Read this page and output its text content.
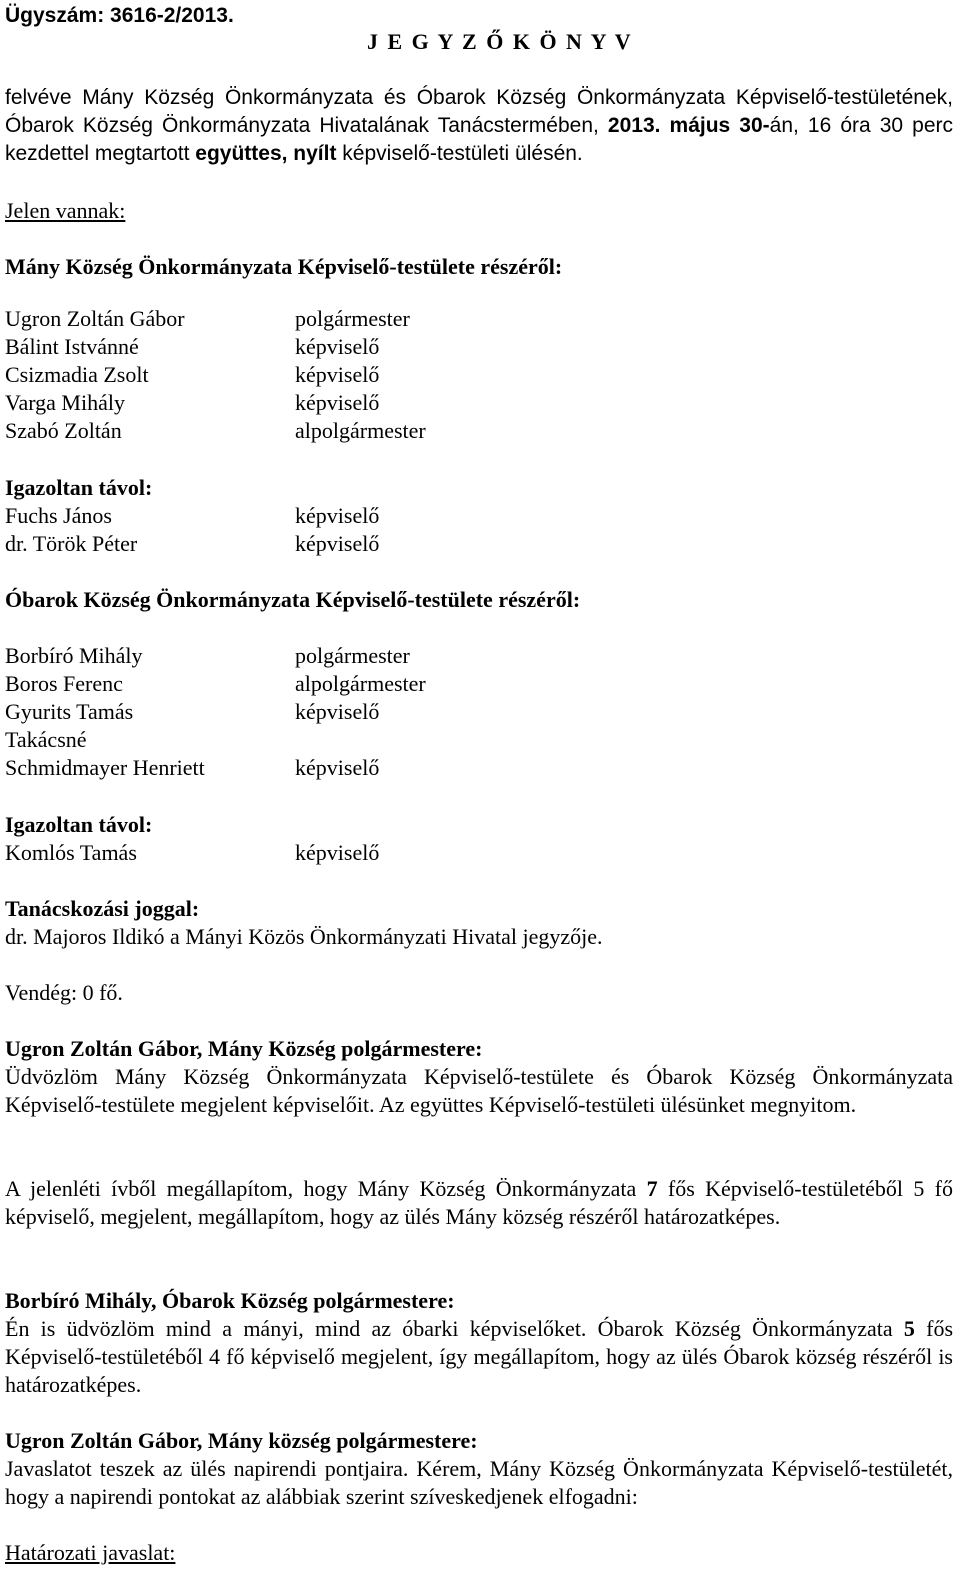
Ügyszám: 3616-2/2013.
J E G Y Z Ő K Ö N Y V
felvéve Mány Község Önkormányzata és Óbarok Község Önkormányzata Képviselő-testületének, Óbarok Község Önkormányzata Hivatalának Tanácstermében, 2013. május 30-án, 16 óra 30 perc kezdettel megtartott együttes, nyílt képviselő-testületi ülésén.
Jelen vannak:
Mány Község Önkormányzata Képviselő-testülete részéről:
Ugron Zoltán Gábor	polgármester
Bálint Istvánné	képviselő
Csizmadia Zsolt	képviselő
Varga Mihály	képviselő
Szabó Zoltán	alpolgármester
Igazoltan távol:
Fuchs János	képviselő
dr. Török Péter	képviselő
Óbarok Község Önkormányzata Képviselő-testülete részéről:
Borbíró Mihály	polgármester
Boros Ferenc	alpolgármester
Gyurits Tamás	képviselő
Takácsné
Schmidmayer Henriett	képviselő
Igazoltan távol:
Komlós Tamás	képviselő
Tanácskozási joggal:
dr. Majoros Ildikó a Mányi Közös Önkormányzati Hivatal jegyzője.
Vendég: 0 fő.
Ugron Zoltán Gábor, Mány Község polgármestere:
Üdvözlöm Mány Község Önkormányzata Képviselő-testülete és Óbarok Község Önkormányzata Képviselő-testülete megjelent képviselőit. Az együttes Képviselő-testületi ülésünket megnyitom.
A jelenléti ívből megállapítom, hogy Mány Község Önkormányzata 7 fős Képviselő-testületéből 5 fő képviselő, megjelent, megállapítom, hogy az ülés Mány község részéről határozatképes.
Borbíró Mihály, Óbarok Község polgármestere:
Én is üdvözlöm mind a mányi, mind az óbarki képviselőket. Óbarok Község Önkormányzata 5 fős Képviselő-testületéből 4 fő képviselő megjelent, így megállapítom, hogy az ülés Óbarok község részéről is határozatképes.
Ugron Zoltán Gábor, Mány község polgármestere:
Javaslatot teszek az ülés napirendi pontjaira. Kérem, Mány Község Önkormányzata Képviselő-testületét, hogy a napirendi pontokat az alábbiak szerint szíveskedjenek elfogadni:
Határozati javaslat:
